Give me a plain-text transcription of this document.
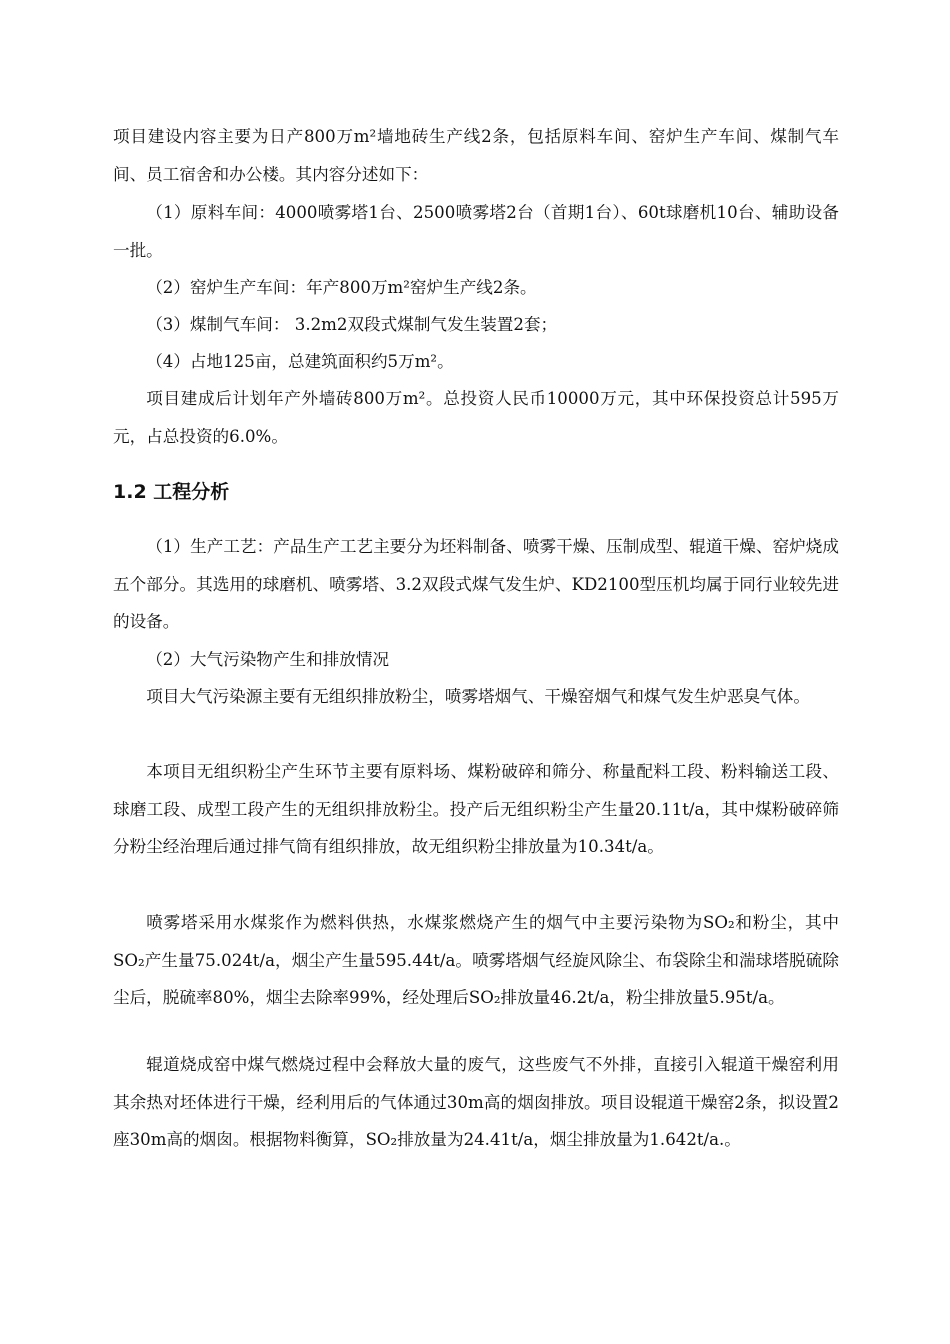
项目建设内容主要为日产800万m²墙地砖生产线2条，包括原料车间、窑炉生产车间、煤制气车间、员工宿舍和办公楼。其内容分述如下：

（1）原料车间：4000喷雾塔1台、2500喷雾塔2台（首期1台）、60t球磨机10台、辅助设备一批。

（2）窑炉生产车间：年产800万m²窑炉生产线2条。

（3）煤制气车间： 3.2m2双段式煤制气发生装置2套；

（4）占地125亩，总建筑面积约5万m²。

项目建成后计划年产外墙砖800万m²。总投资人民币10000万元，其中环保投资总计595万元，占总投资的6.0%。

1.2 工程分析

（1）生产工艺：产品生产工艺主要分为坯料制备、喷雾干燥、压制成型、辊道干燥、窑炉烧成五个部分。其选用的球磨机、喷雾塔、3.2双段式煤气发生炉、KD2100型压机均属于同行业较先进的设备。

（2）大气污染物产生和排放情况

项目大气污染源主要有无组织排放粉尘，喷雾塔烟气、干燥窑烟气和煤气发生炉恶臭气体。

本项目无组织粉尘产生环节主要有原料场、煤粉破碎和筛分、称量配料工段、粉料输送工段、球磨工段、成型工段产生的无组织排放粉尘。投产后无组织粉尘产生量20.11t/a，其中煤粉破碎筛分粉尘经治理后通过排气筒有组织排放，故无组织粉尘排放量为10.34t/a。

喷雾塔采用水煤浆作为燃料供热，水煤浆燃烧产生的烟气中主要污染物为SO₂和粉尘，其中SO₂产生量75.024t/a，烟尘产生量595.44t/a。喷雾塔烟气经旋风除尘、布袋除尘和湍球塔脱硫除尘后，脱硫率80%，烟尘去除率99%，经处理后SO₂排放量46.2t/a，粉尘排放量5.95t/a。

辊道烧成窑中煤气燃烧过程中会释放大量的废气，这些废气不外排，直接引入辊道干燥窑利用其余热对坯体进行干燥，经利用后的气体通过30m高的烟囱排放。项目设辊道干燥窑2条，拟设置2座30m高的烟囱。根据物料衡算，SO₂排放量为24.41t/a，烟尘排放量为1.642t/a.。
